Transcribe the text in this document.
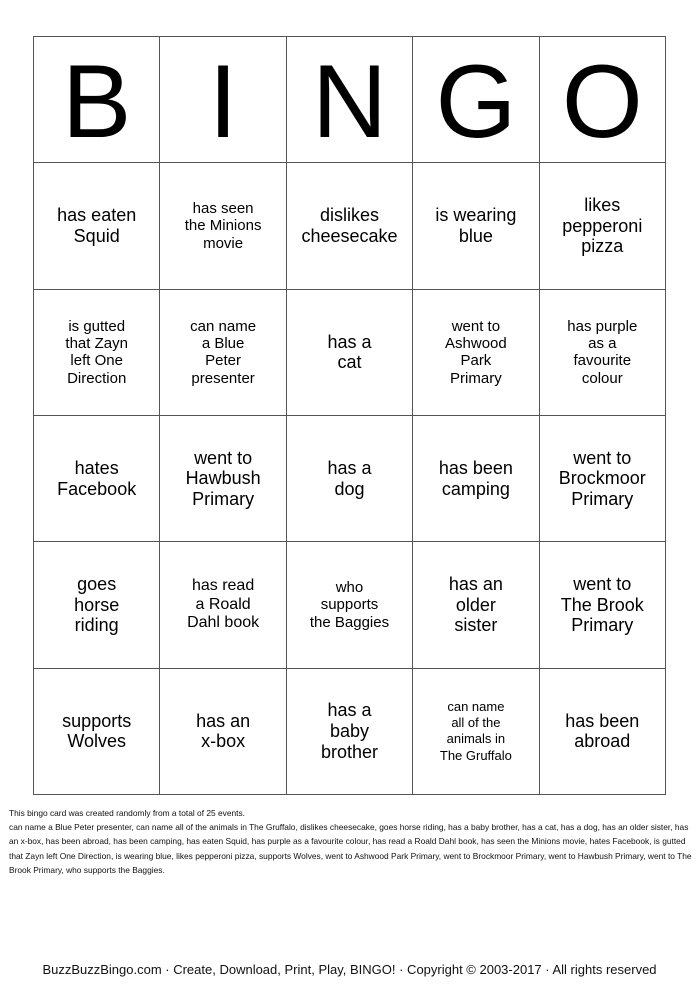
B I N G O
has eaten
Squid
has seen
the Minions
movie
dislikes
cheesecake
is wearing
blue
likes
pepperoni
pizza
is gutted
that Zayn
left One
Direction
can name
a Blue
Peter
presenter
has a
cat
went to
Ashwood
Park
Primary
has purple
as a
favourite
colour
hates
Facebook
went to
Hawbush
Primary
has a
dog
has been
camping
went to
Brockmoor
Primary
goes
horse
riding
has read
a Roald
Dahl book
who
supports
the Baggies
has an
older
sister
went to
The Brook
Primary
supports
Wolves
has an
x-box
has a
baby
brother
can name
all of the
animals in
The Gruffalo
has been
abroad
This bingo card was created randomly from a total of 25 events.
can name a Blue Peter presenter, can name all of the animals in The Gruffalo, dislikes cheesecake, goes horse riding, has a baby brother, has a cat, has a dog, has an older sister, has an x-box, has been abroad, has been camping, has eaten Squid, has purple as a favourite colour, has read a Roald Dahl book, has seen the Minions movie, hates Facebook, is gutted that Zayn left One Direction, is wearing blue, likes pepperoni pizza, supports Wolves, went to Ashwood Park Primary, went to Brockmoor Primary, went to Hawbush Primary, went to The Brook Primary, who supports the Baggies.
BuzzBuzzBingo.com · Create, Download, Print, Play, BINGO! · Copyright © 2003-2017 · All rights reserved
